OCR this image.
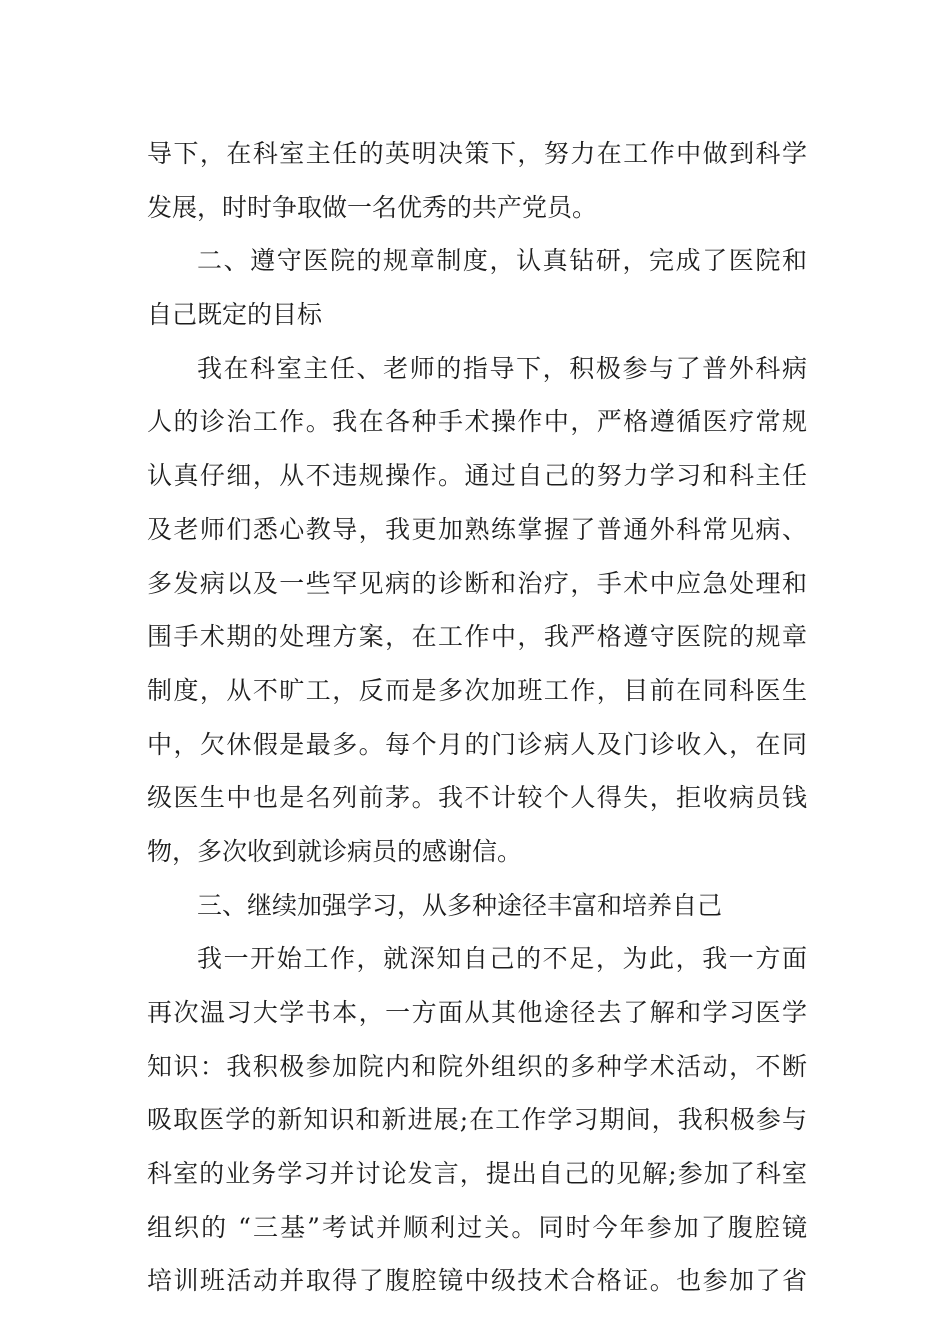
导下，在科室主任的英明决策下，努力在工作中做到科学
发展，时时争取做一名优秀的共产党员。
二、遵守医院的规章制度，认真钻研，完成了医院和
自己既定的目标
我在科室主任、老师的指导下，积极参与了普外科病
人的诊治工作。我在各种手术操作中，严格遵循医疗常规
认真仔细，从不违规操作。通过自己的努力学习和科主任
及老师们悉心教导，我更加熟练掌握了普通外科常见病、
多发病以及一些罕见病的诊断和治疗，手术中应急处理和
围手术期的处理方案，在工作中，我严格遵守医院的规章
制度，从不旷工，反而是多次加班工作，目前在同科医生
中，欠休假是最多。每个月的门诊病人及门诊收入，在同
级医生中也是名列前茅。我不计较个人得失，拒收病员钱
物，多次收到就诊病员的感谢信。
三、继续加强学习，从多种途径丰富和培养自己
我一开始工作，就深知自己的不足，为此，我一方面
再次温习大学书本，一方面从其他途径去了解和学习医学
知识：我积极参加院内和院外组织的多种学术活动，不断
吸取医学的新知识和新进展;在工作学习期间，我积极参与
科室的业务学习并讨论发言，提出自己的见解;参加了科室
组织的 “三基”考试并顺利过关。同时今年参加了腹腔镜
培训班活动并取得了腹腔镜中级技术合格证。也参加了省
